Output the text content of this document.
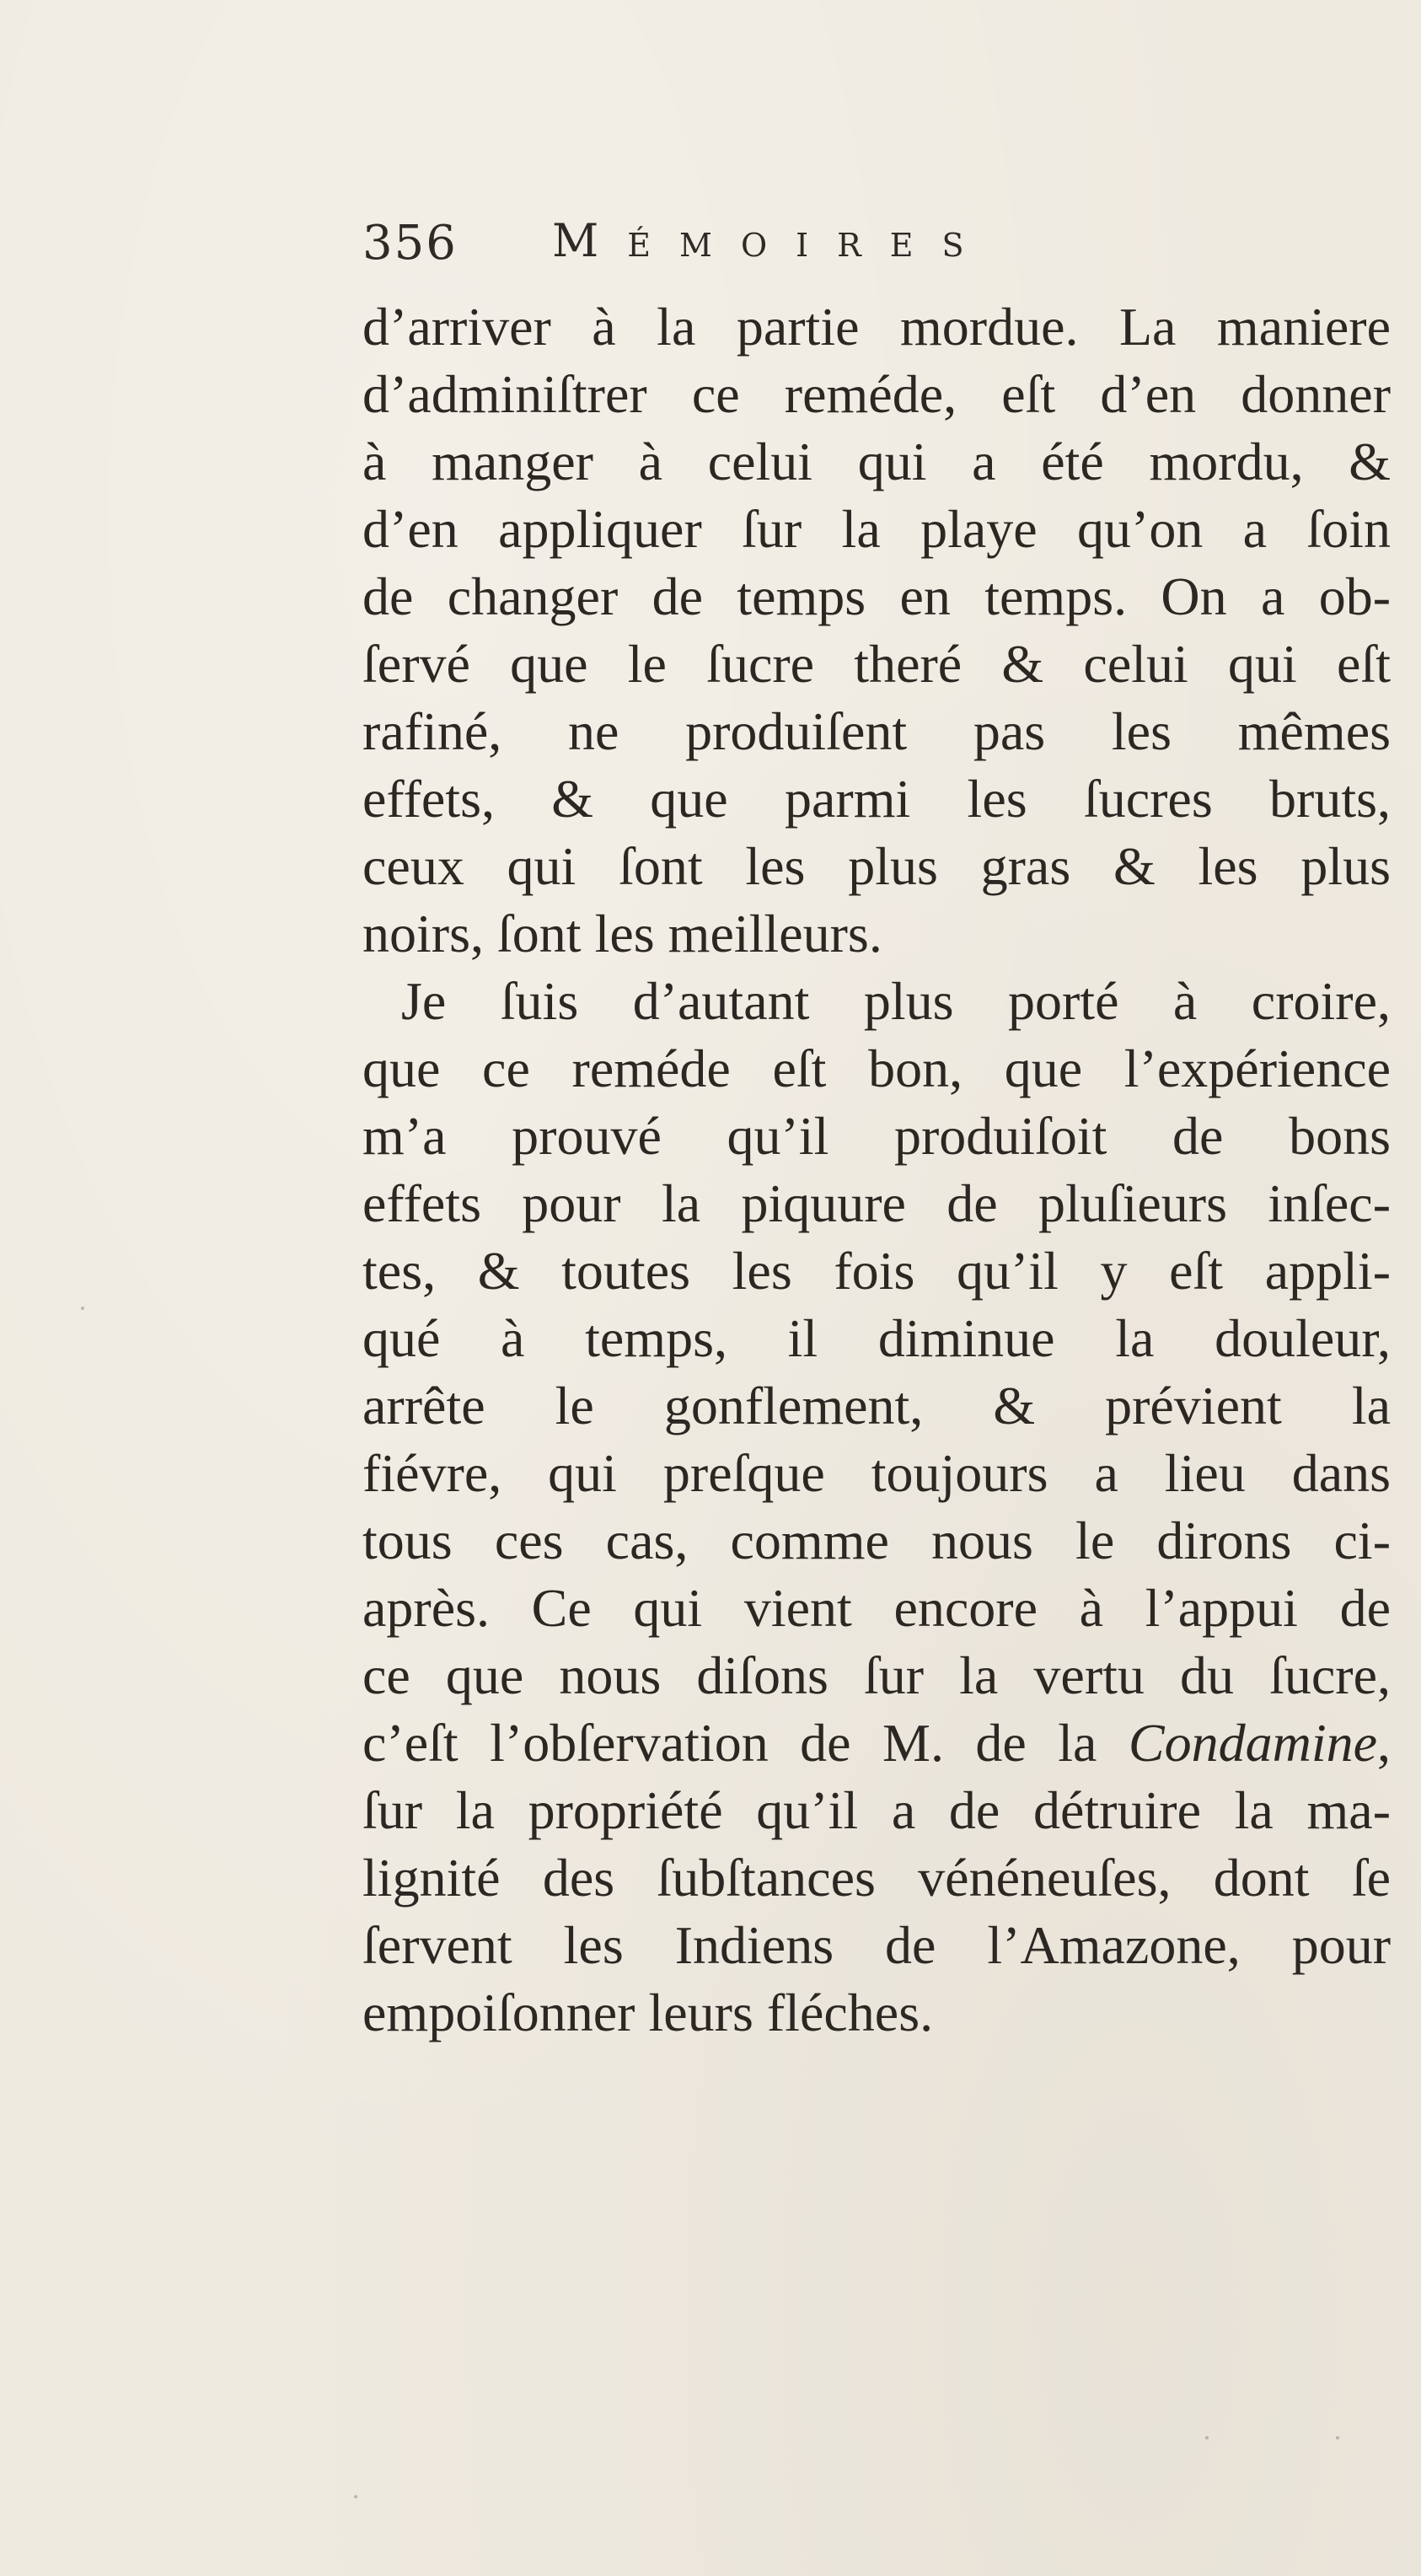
356 Mémoires
d’arriver à la partie mordue. La maniere
d’adminiſtrer ce reméde, eſt d’en donner
à manger à celui qui a été mordu, &
d’en appliquer ſur la playe qu’on a ſoin
de changer de temps en temps. On a ob-
ſervé que le ſucre theré & celui qui eſt
rafiné, ne produiſent pas les mêmes
effets, & que parmi les ſucres bruts,
ceux qui ſont les plus gras & les plus
noirs, ſont les meilleurs.
Je ſuis d’autant plus porté à croire,
que ce reméde eſt bon, que l’expérience
m’a prouvé qu’il produiſoit de bons
effets pour la piquure de pluſieurs inſec-
tes, & toutes les fois qu’il y eſt appli-
qué à temps, il diminue la douleur,
arrête le gonflement, & prévient la
fiévre, qui preſque toujours a lieu dans
tous ces cas, comme nous le dirons ci-
après. Ce qui vient encore à l’appui de
ce que nous diſons ſur la vertu du ſucre,
c’eſt l’obſervation de M. de la Condamine,
ſur la propriété qu’il a de détruire la ma-
lignité des ſubſtances vénéneuſes, dont ſe
ſervent les Indiens de l’Amazone, pour
empoiſonner leurs fléches.
